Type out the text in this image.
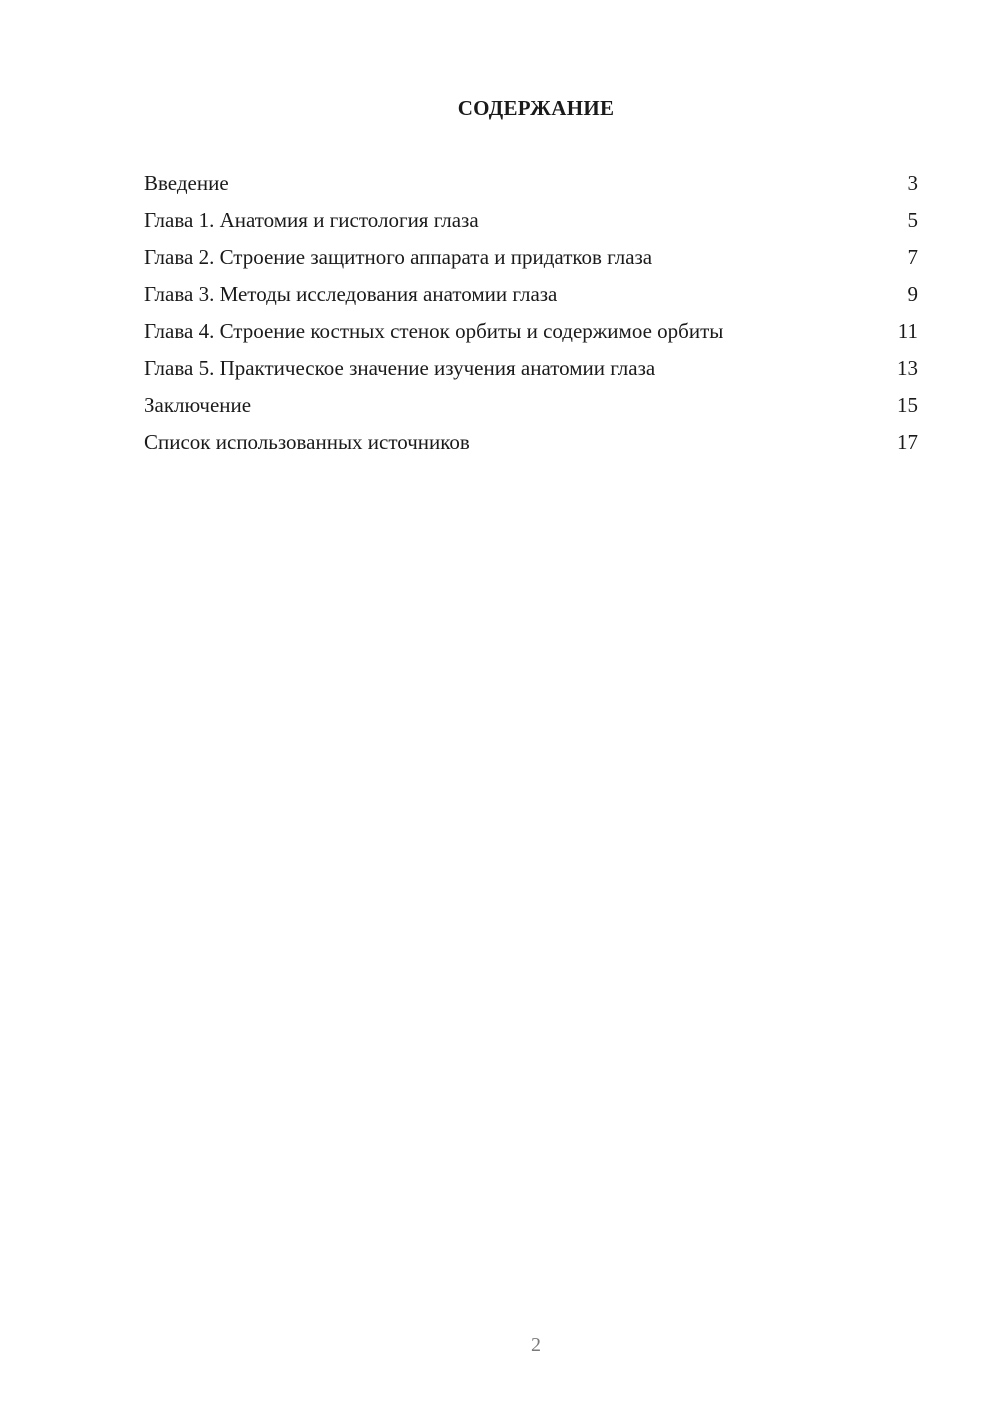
СОДЕРЖАНИЕ
Введение	3
Глава 1. Анатомия и гистология глаза	5
Глава 2. Строение защитного аппарата и придатков глаза	7
Глава 3. Методы исследования анатомии глаза	9
Глава 4. Строение костных стенок орбиты и содержимое орбиты	11
Глава 5. Практическое значение изучения анатомии глаза	13
Заключение	15
Список использованных источников	17
2
